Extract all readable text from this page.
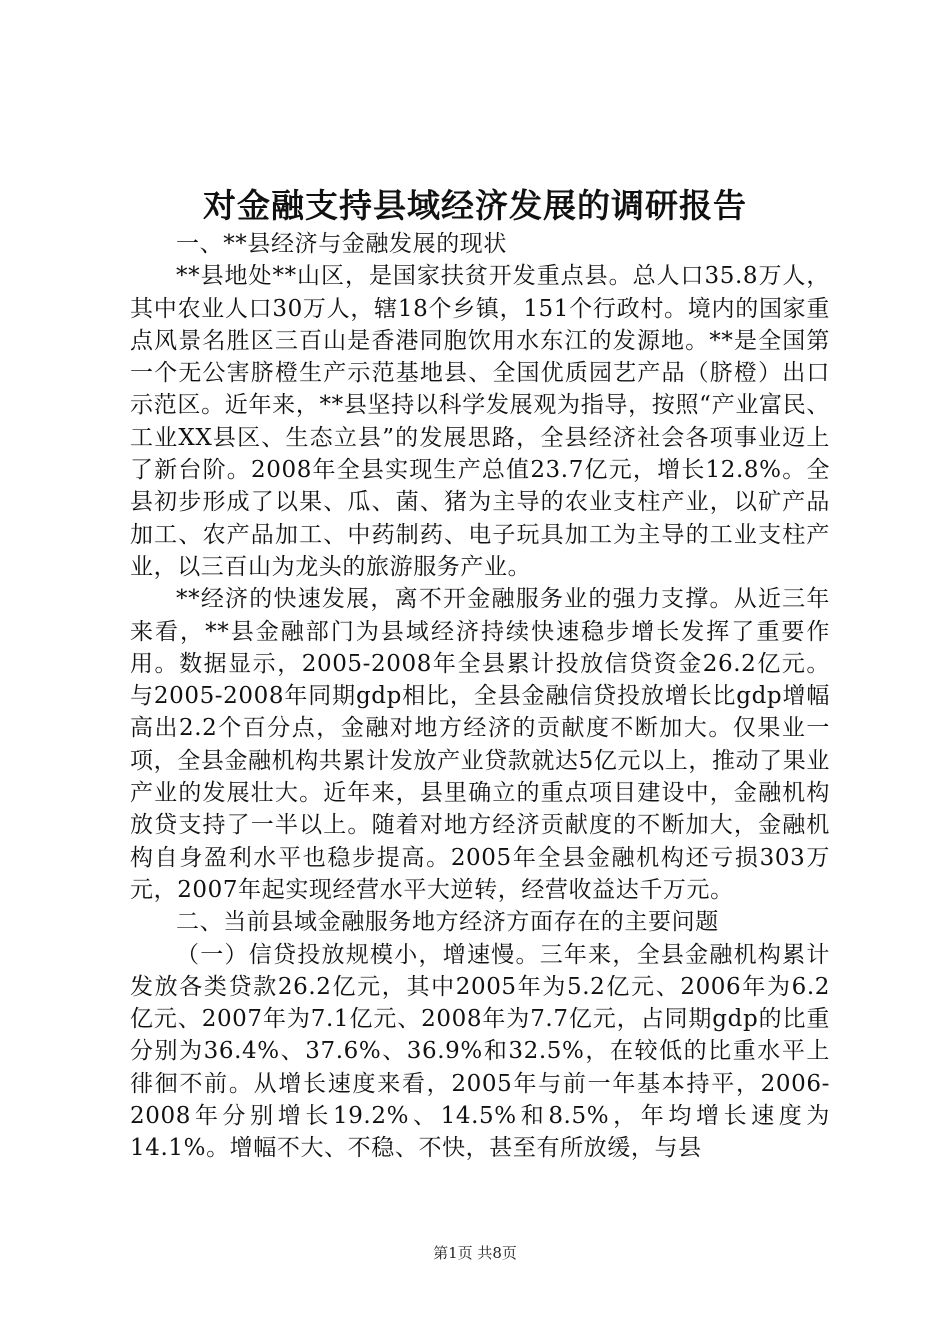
对金融支持县域经济发展的调研报告

一、**县经济与金融发展的现状

**县地处**山区，是国家扶贫开发重点县。总人口35.8万人，其中农业人口30万人，辖18个乡镇，151个行政村。境内的国家重点风景名胜区三百山是香港同胞饮用水东江的发源地。**是全国第一个无公害脐橙生产示范基地县、全国优质园艺产品（脐橙）出口示范区。近年来，**县坚持以科学发展观为指导，按照“产业富民、工业XX县区、生态立县”的发展思路，全县经济社会各项事业迈上了新台阶。2008年全县实现生产总值23.7亿元，增长12.8%。全县初步形成了以果、瓜、菌、猪为主导的农业支柱产业，以矿产品加工、农产品加工、中药制药、电子玩具加工为主导的工业支柱产业，以三百山为龙头的旅游服务产业。

**经济的快速发展，离不开金融服务业的强力支撑。从近三年来看，**县金融部门为县域经济持续快速稳步增长发挥了重要作用。数据显示，2005-2008年全县累计投放信贷资金26.2亿元。与2005-2008年同期gdp相比，全县金融信贷投放增长比gdp增幅高出2.2个百分点，金融对地方经济的贡献度不断加大。仅果业一项，全县金融机构共累计发放产业贷款就达5亿元以上，推动了果业产业的发展壮大。近年来，县里确立的重点项目建设中，金融机构放贷支持了一半以上。随着对地方经济贡献度的不断加大，金融机构自身盈利水平也稳步提高。2005年全县金融机构还亏损303万元，2007年起实现经营水平大逆转，经营收益达千万元。

二、当前县域金融服务地方经济方面存在的主要问题

（一）信贷投放规模小，增速慢。三年来，全县金融机构累计发放各类贷款26.2亿元，其中2005年为5.2亿元、2006年为6.2亿元、2007年为7.1亿元、2008年为7.7亿元，占同期gdp的比重分别为36.4%、37.6%、36.9%和32.5%，在较低的比重水平上徘徊不前。从增长速度来看，2005年与前一年基本持平，2006-2008年分别增长19.2%、14.5%和8.5%，年均增长速度为14.1%。增幅不大、不稳、不快，甚至有所放缓，与县

第1页 共8页
